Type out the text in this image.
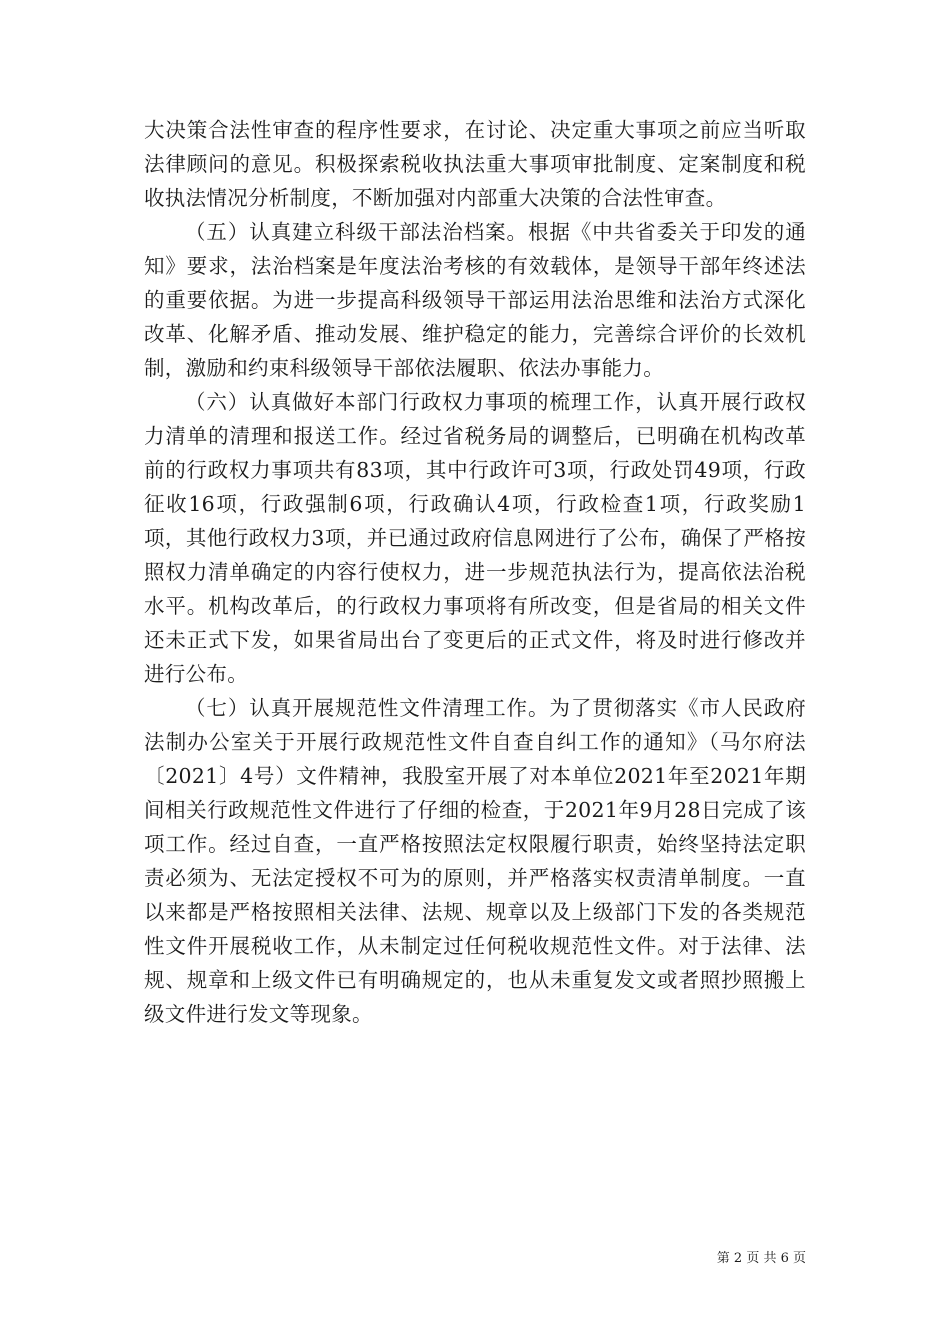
大决策合法性审查的程序性要求，在讨论、决定重大事项之前应当听取法律顾问的意见。积极探索税收执法重大事项审批制度、定案制度和税收执法情况分析制度，不断加强对内部重大决策的合法性审查。

（五）认真建立科级干部法治档案。根据《中共省委关于印发的通知》要求，法治档案是年度法治考核的有效载体，是领导干部年终述法的重要依据。为进一步提高科级领导干部运用法治思维和法治方式深化改革、化解矛盾、推动发展、维护稳定的能力，完善综合评价的长效机制，激励和约束科级领导干部依法履职、依法办事能力。

（六）认真做好本部门行政权力事项的梳理工作，认真开展行政权力清单的清理和报送工作。经过省税务局的调整后，已明确在机构改革前的行政权力事项共有83项，其中行政许可3项，行政处罚49项，行政征收16项，行政强制6项，行政确认4项，行政检查1项，行政奖励1项，其他行政权力3项，并已通过政府信息网进行了公布，确保了严格按照权力清单确定的内容行使权力，进一步规范执法行为，提高依法治税水平。机构改革后，的行政权力事项将有所改变，但是省局的相关文件还未正式下发，如果省局出台了变更后的正式文件，将及时进行修改并进行公布。

（七）认真开展规范性文件清理工作。为了贯彻落实《市人民政府法制办公室关于开展行政规范性文件自查自纠工作的通知》（马尔府法〔2021〕4号）文件精神，我股室开展了对本单位2021年至2021年期间相关行政规范性文件进行了仔细的检查，于2021年9月28日完成了该项工作。经过自查，一直严格按照法定权限履行职责，始终坚持法定职责必须为、无法定授权不可为的原则，并严格落实权责清单制度。一直以来都是严格按照相关法律、法规、规章以及上级部门下发的各类规范性文件开展税收工作，从未制定过任何税收规范性文件。对于法律、法规、规章和上级文件已有明确规定的，也从未重复发文或者照抄照搬上级文件进行发文等现象。

第 2 页 共 6 页
